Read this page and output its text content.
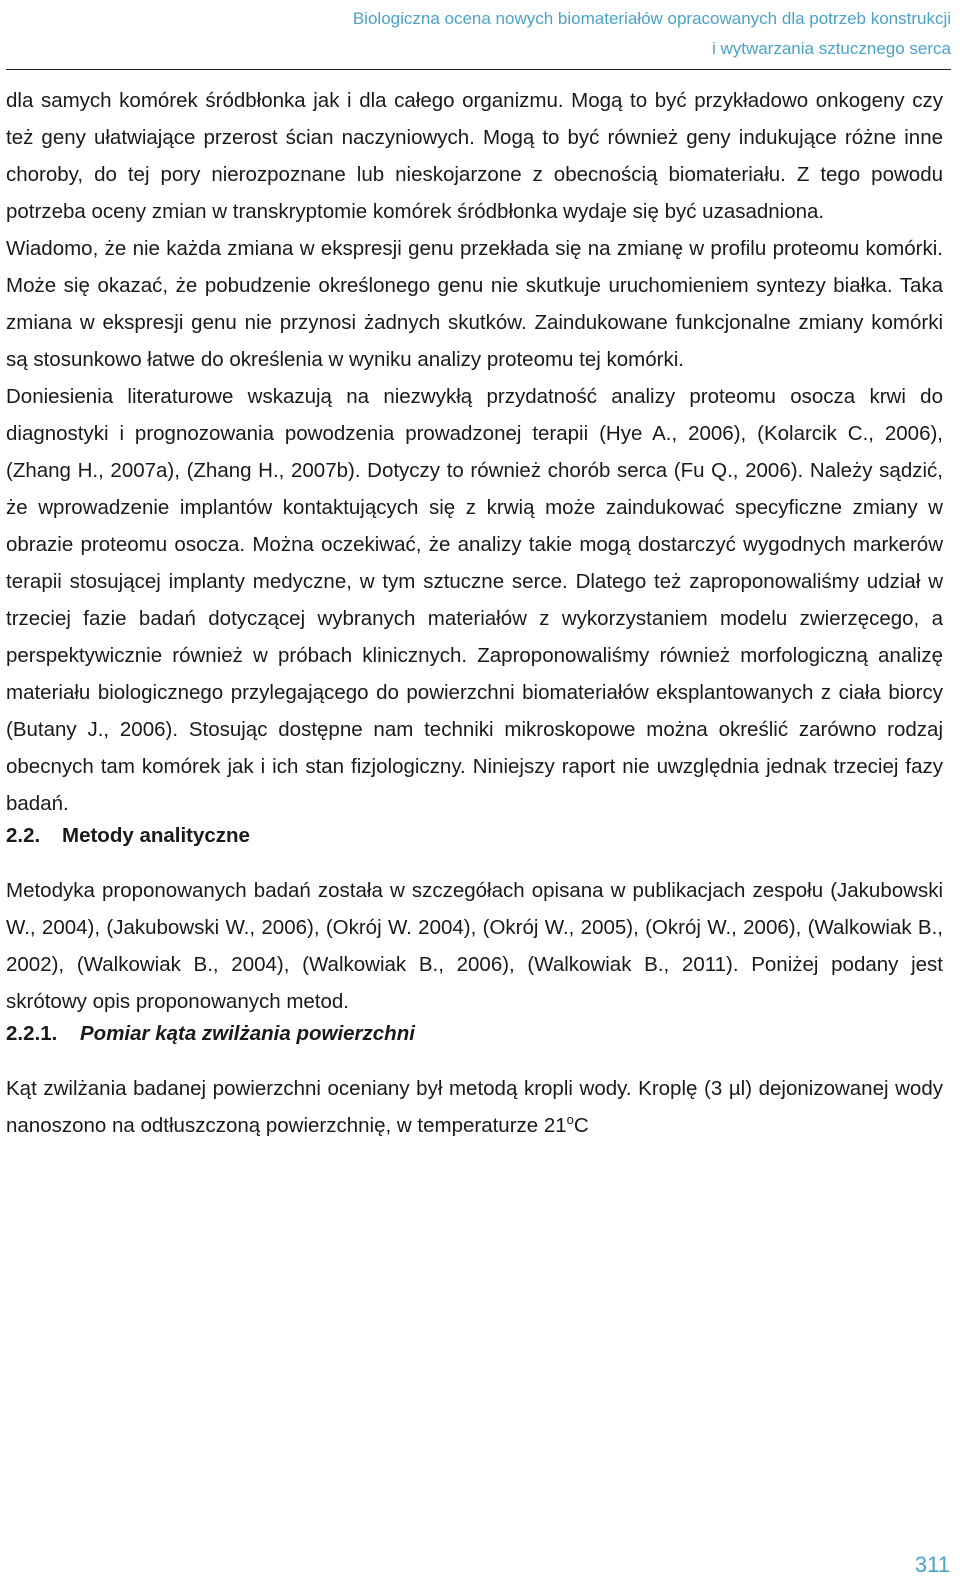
Biologiczna ocena nowych biomateriałów opracowanych dla potrzeb konstrukcji
i wytwarzania sztucznego serca

dla samych komórek śródbłonka jak i dla całego organizmu. Mogą to być przykładowo onkogeny czy też geny ułatwiające przerost ścian naczyniowych. Mogą to być również geny indukujące różne inne choroby, do tej pory nierozpoznane lub nieskojarzone z obecnością biomateriału. Z tego powodu potrzeba oceny zmian w transkryptomie komórek śródbłonka wydaje się być uzasadniona.

Wiadomo, że nie każda zmiana w ekspresji genu przekłada się na zmianę w profilu proteomu komórki. Może się okazać, że pobudzenie określonego genu nie skutkuje uruchomieniem syntezy białka. Taka zmiana w ekspresji genu nie przynosi żadnych skutków. Zaindukowane funkcjonalne zmiany komórki są stosunkowo łatwe do określenia w wyniku analizy proteomu tej komórki.

Doniesienia literaturowe wskazują na niezwykłą przydatność analizy proteomu osocza krwi do diagnostyki i prognozowania powodzenia prowadzonej terapii (Hye A., 2006), (Kolarcik C., 2006), (Zhang H., 2007a), (Zhang H., 2007b). Dotyczy to również chorób serca (Fu Q., 2006). Należy sądzić, że wprowadzenie implantów kontaktujących się z krwią może zaindukować specyficzne zmiany w obrazie proteomu osocza. Można oczekiwać, że analizy takie mogą dostarczyć wygodnych markerów terapii stosującej implanty medyczne, w tym sztuczne serce. Dlatego też zaproponowaliśmy udział w trzeciej fazie badań dotyczącej wybranych materiałów z wykorzystaniem modelu zwierzęcego, a perspektywicznie również w próbach klinicznych. Zaproponowaliśmy również morfologiczną analizę materiału biologicznego przylegającego do powierzchni biomateriałów eksplantowanych z ciała biorcy (Butany J., 2006). Stosując dostępne nam techniki mikroskopowe można określić zarówno rodzaj obecnych tam komórek jak i ich stan fizjologiczny. Niniejszy raport nie uwzględnia jednak trzeciej fazy badań.

2.2. Metody analityczne

Metodyka proponowanych badań została w szczegółach opisana w publikacjach zespołu (Jakubowski W., 2004), (Jakubowski W., 2006), (Okrój W. 2004), (Okrój W., 2005), (Okrój W., 2006), (Walkowiak B., 2002), (Walkowiak B., 2004), (Walkowiak B., 2006), (Walkowiak B., 2011). Poniżej podany jest skrótowy opis proponowanych metod.

2.2.1. Pomiar kąta zwilżania powierzchni

Kąt zwilżania badanej powierzchni oceniany był metodą kropli wody. Kroplę (3 µl) dejonizowanej wody nanoszono na odtłuszczoną powierzchnię, w temperaturze 21$^o$C

311
